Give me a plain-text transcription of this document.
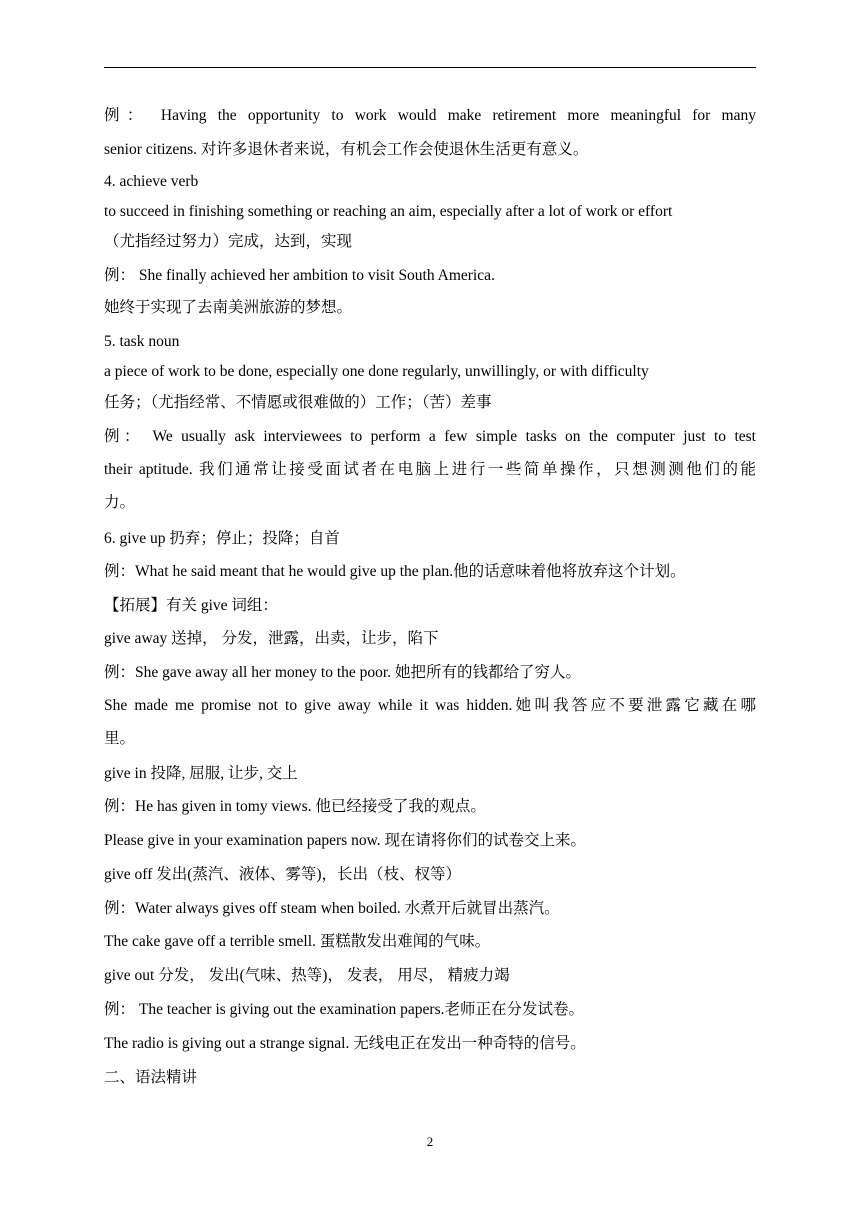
例： Having the opportunity to work would make retirement more meaningful for many
senior citizens. 对许多退休者来说，有机会工作会使退休生活更有意义。
4. achieve verb
to succeed in finishing something or reaching an aim, especially after a lot of work or effort
（尤指经过努力）完成，达到，实现
例： She finally achieved her ambition to visit South America.
她终于实现了去南美洲旅游的梦想。
5. task noun
a piece of work to be done, especially one done regularly, unwillingly, or with difficulty
任务；（尤指经常、不情愿或很难做的）工作；（苦）差事
例： We usually ask interviewees to perform a few simple tasks on the computer just to test
their aptitude. 我们通常让接受面试者在电脑上进行一些简单操作，只想测测他们的能
力。
6. give up 扔弃；停止；投降；自首
例：What he said meant that he would give up the plan.他的话意味着他将放弃这个计划。
【拓展】有关 give 词组：
give away 送掉， 分发，泄露，出卖，让步，陷下
例：She gave away all her money to the poor. 她把所有的钱都给了穷人。
She made me promise not to give away while it was hidden.她叫我答应不要泄露它藏在哪
里。
give in 投降, 屈服, 让步, 交上
例：He has given in tomy views. 他已经接受了我的观点。
Please give in your examination papers now. 现在请将你们的试卷交上来。
give off 发出(蒸汽、液体、雾等)，长出（枝、杈等）
例：Water always gives off steam when boiled. 水煮开后就冒出蒸汽。
The cake gave off a terrible smell. 蛋糕散发出难闻的气味。
give out 分发， 发出(气味、热等)， 发表， 用尽， 精疲力竭
例： The teacher is giving out the examination papers.老师正在分发试卷。
The radio is giving out a strange signal. 无线电正在发出一种奇特的信号。
二、语法精讲
2
